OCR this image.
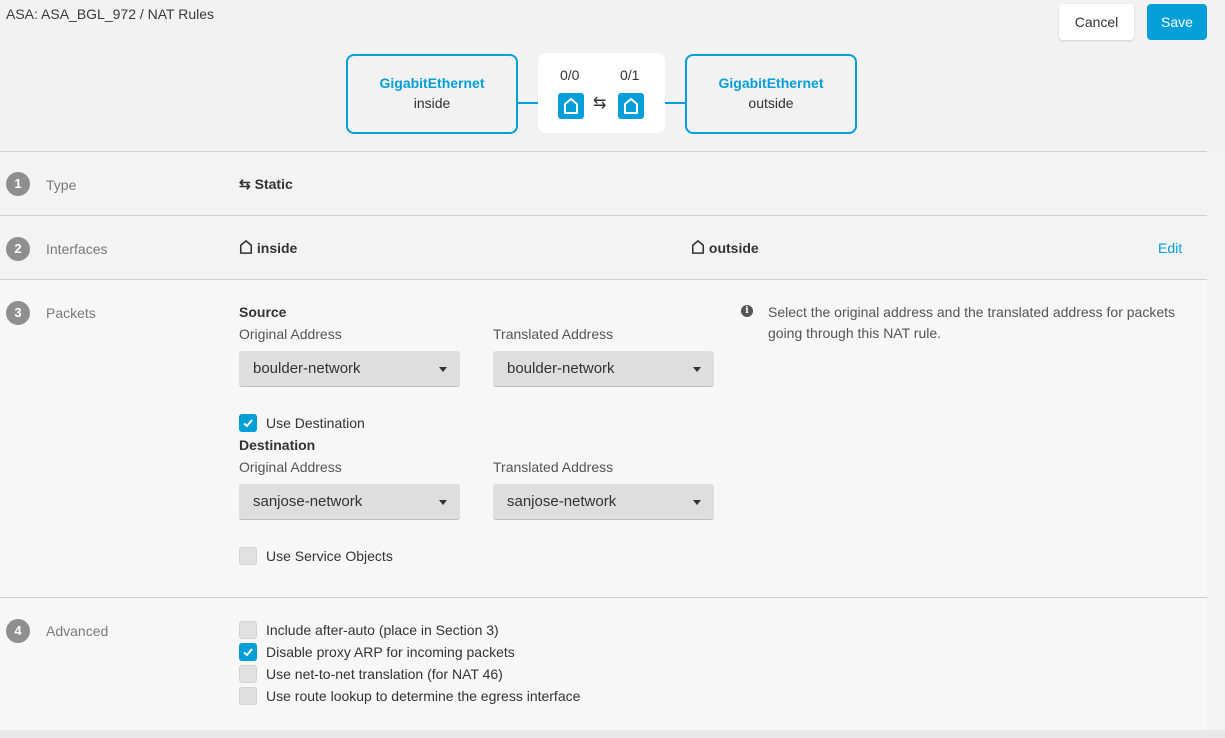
ASA: ASA_BGL_972 / NAT Rules	Cancel	Save
GigabitEthernet
inside
0/0	0/1
⇆
GigabitEthernet
outside
1	Type	⇆ Static
2	Interfaces	inside	outside	Edit
3	Packets	Source
Original Address	Translated Address
boulder-network	boulder-network
Use Destination
Destination
Original Address	Translated Address
sanjose-network	sanjose-network
Use Service Objects
i	Select the original address and the translated address for packets going through this NAT rule.
4	Advanced	Include after-auto (place in Section 3)
Disable proxy ARP for incoming packets
Use net-to-net translation (for NAT 46)
Use route lookup to determine the egress interface
